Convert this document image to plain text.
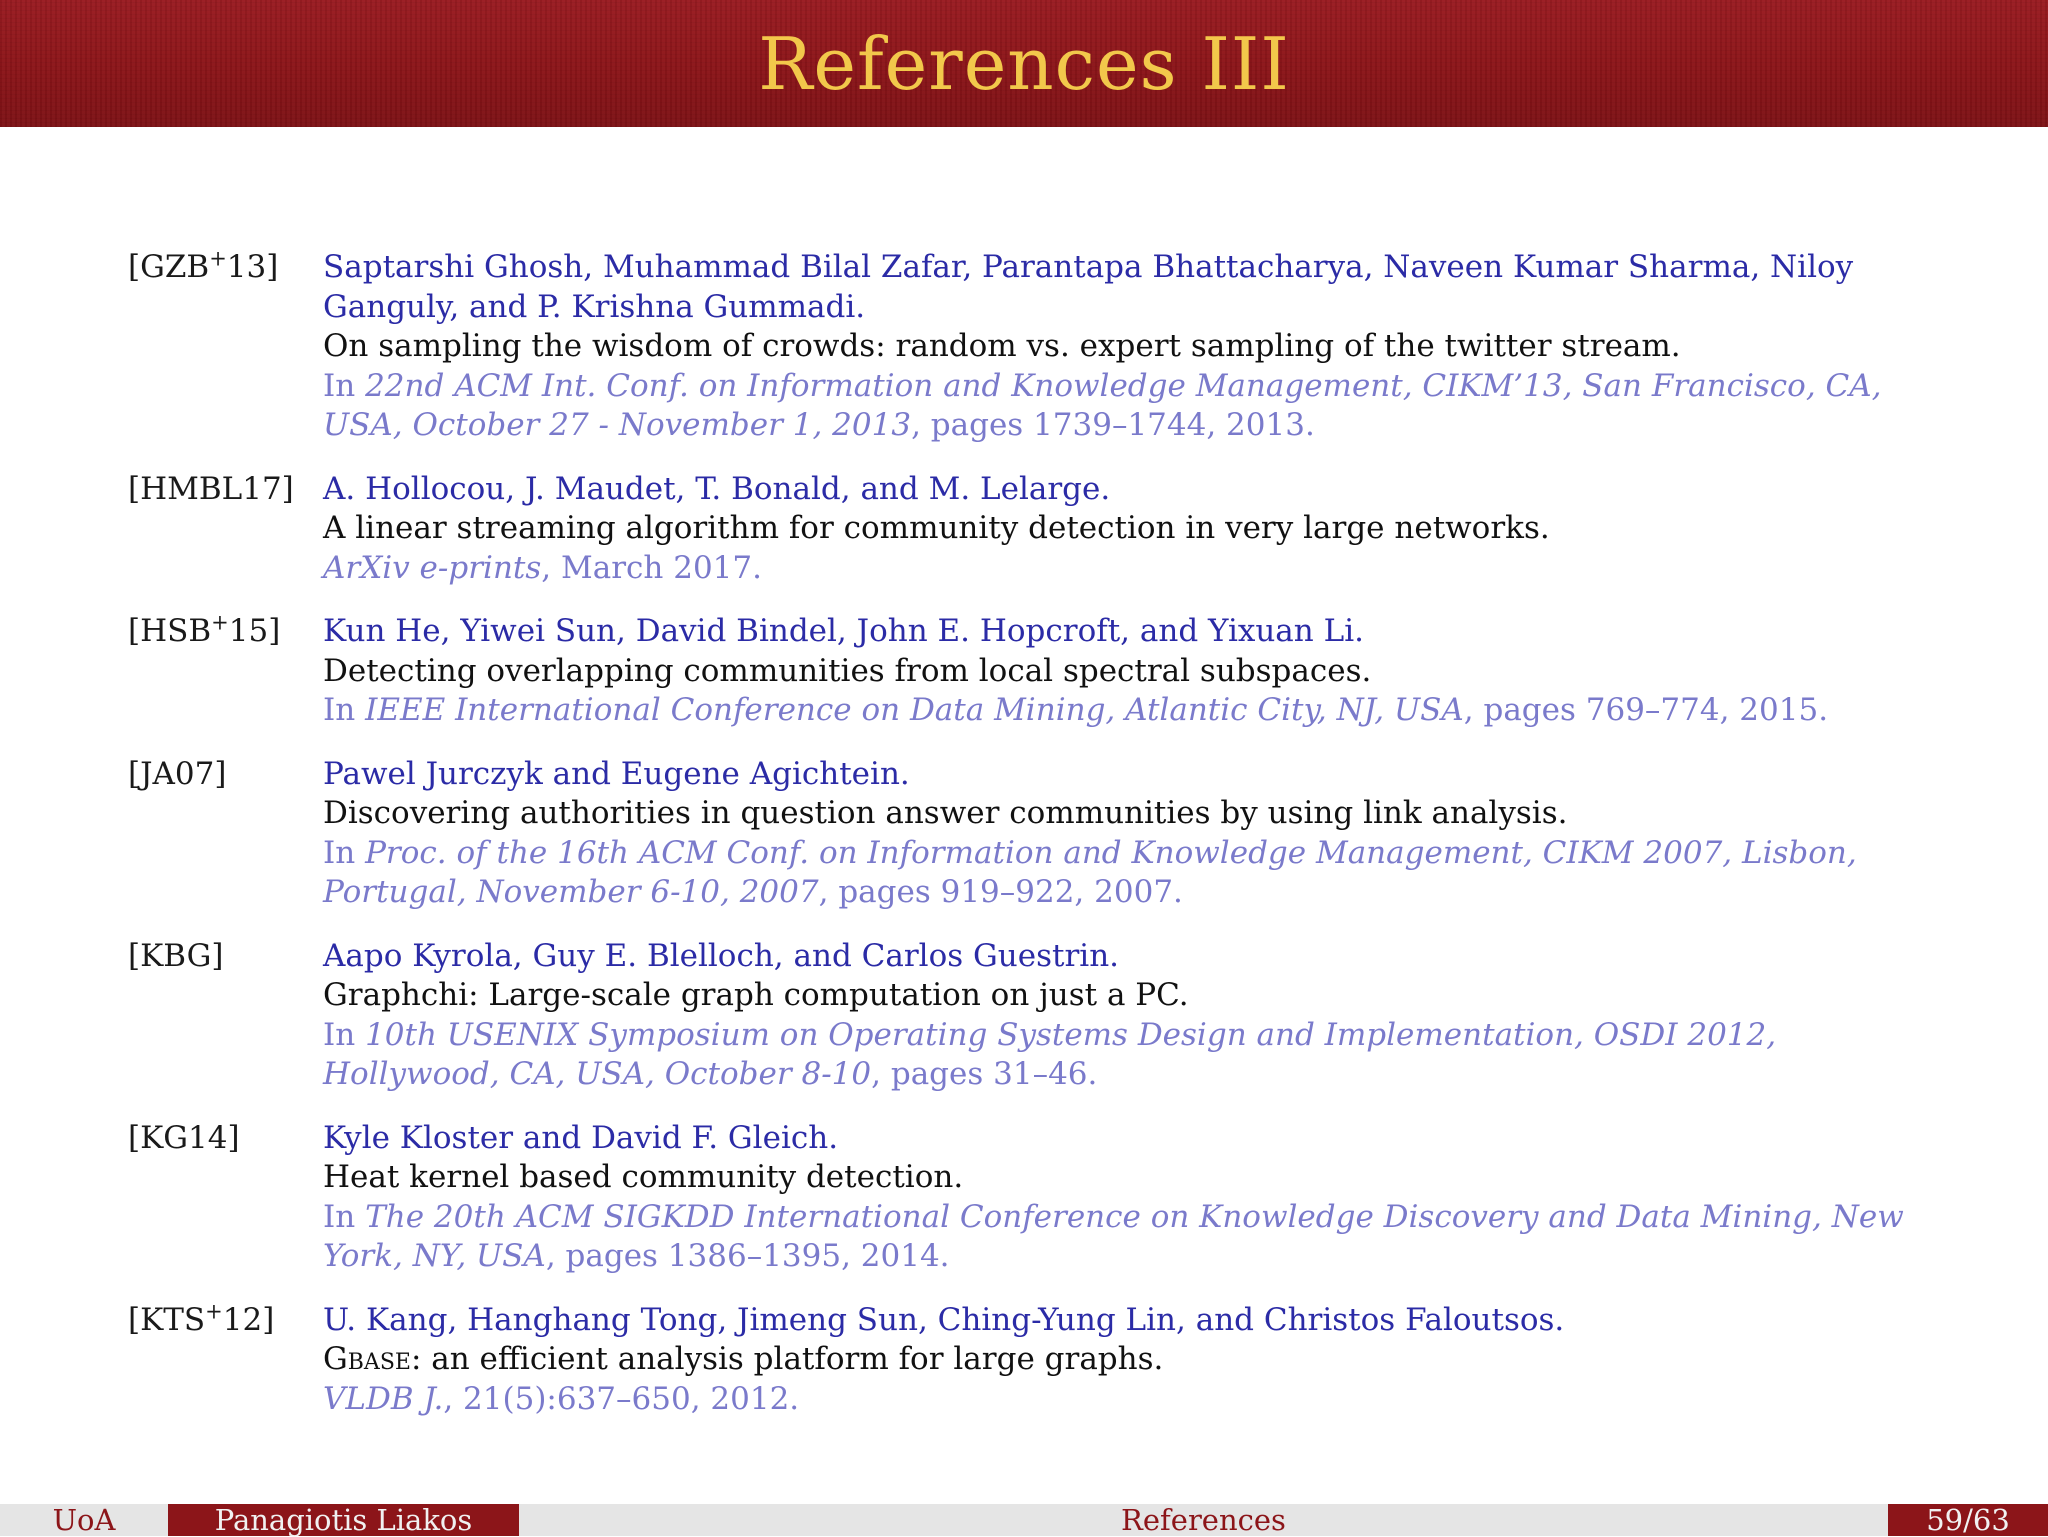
References III
[GZB+13] Saptarshi Ghosh, Muhammad Bilal Zafar, Parantapa Bhattacharya, Naveen Kumar Sharma, Niloy Ganguly, and P. Krishna Gummadi.
On sampling the wisdom of crowds: random vs. expert sampling of the twitter stream.
In 22nd ACM Int. Conf. on Information and Knowledge Management, CIKM’13, San Francisco, CA, USA, October 27 - November 1, 2013, pages 1739–1744, 2013.
[HMBL17] A. Hollocou, J. Maudet, T. Bonald, and M. Lelarge.
A linear streaming algorithm for community detection in very large networks.
ArXiv e-prints, March 2017.
[HSB+15] Kun He, Yiwei Sun, David Bindel, John E. Hopcroft, and Yixuan Li.
Detecting overlapping communities from local spectral subspaces.
In IEEE International Conference on Data Mining, Atlantic City, NJ, USA, pages 769–774, 2015.
[JA07]	Pawel Jurczyk and Eugene Agichtein.
Discovering authorities in question answer communities by using link analysis.
In Proc. of the 16th ACM Conf. on Information and Knowledge Management, CIKM 2007, Lisbon, Portugal, November 6-10, 2007, pages 919–922, 2007.
[KBG]	Aapo Kyrola, Guy E. Blelloch, and Carlos Guestrin.
Graphchi: Large-scale graph computation on just a PC.
In 10th USENIX Symposium on Operating Systems Design and Implementation, OSDI 2012, Hollywood, CA, USA, October 8-10, pages 31–46.
[KG14]	Kyle Kloster and David F. Gleich.
Heat kernel based community detection.
In The 20th ACM SIGKDD International Conference on Knowledge Discovery and Data Mining, New York, NY, USA, pages 1386–1395, 2014.
[KTS+12] U. Kang, Hanghang Tong, Jimeng Sun, Ching-Yung Lin, and Christos Faloutsos.
Gbase: an efficient analysis platform for large graphs.
VLDB J., 21(5):637–650, 2012.
UoA	Panagiotis Liakos	References	59/63
